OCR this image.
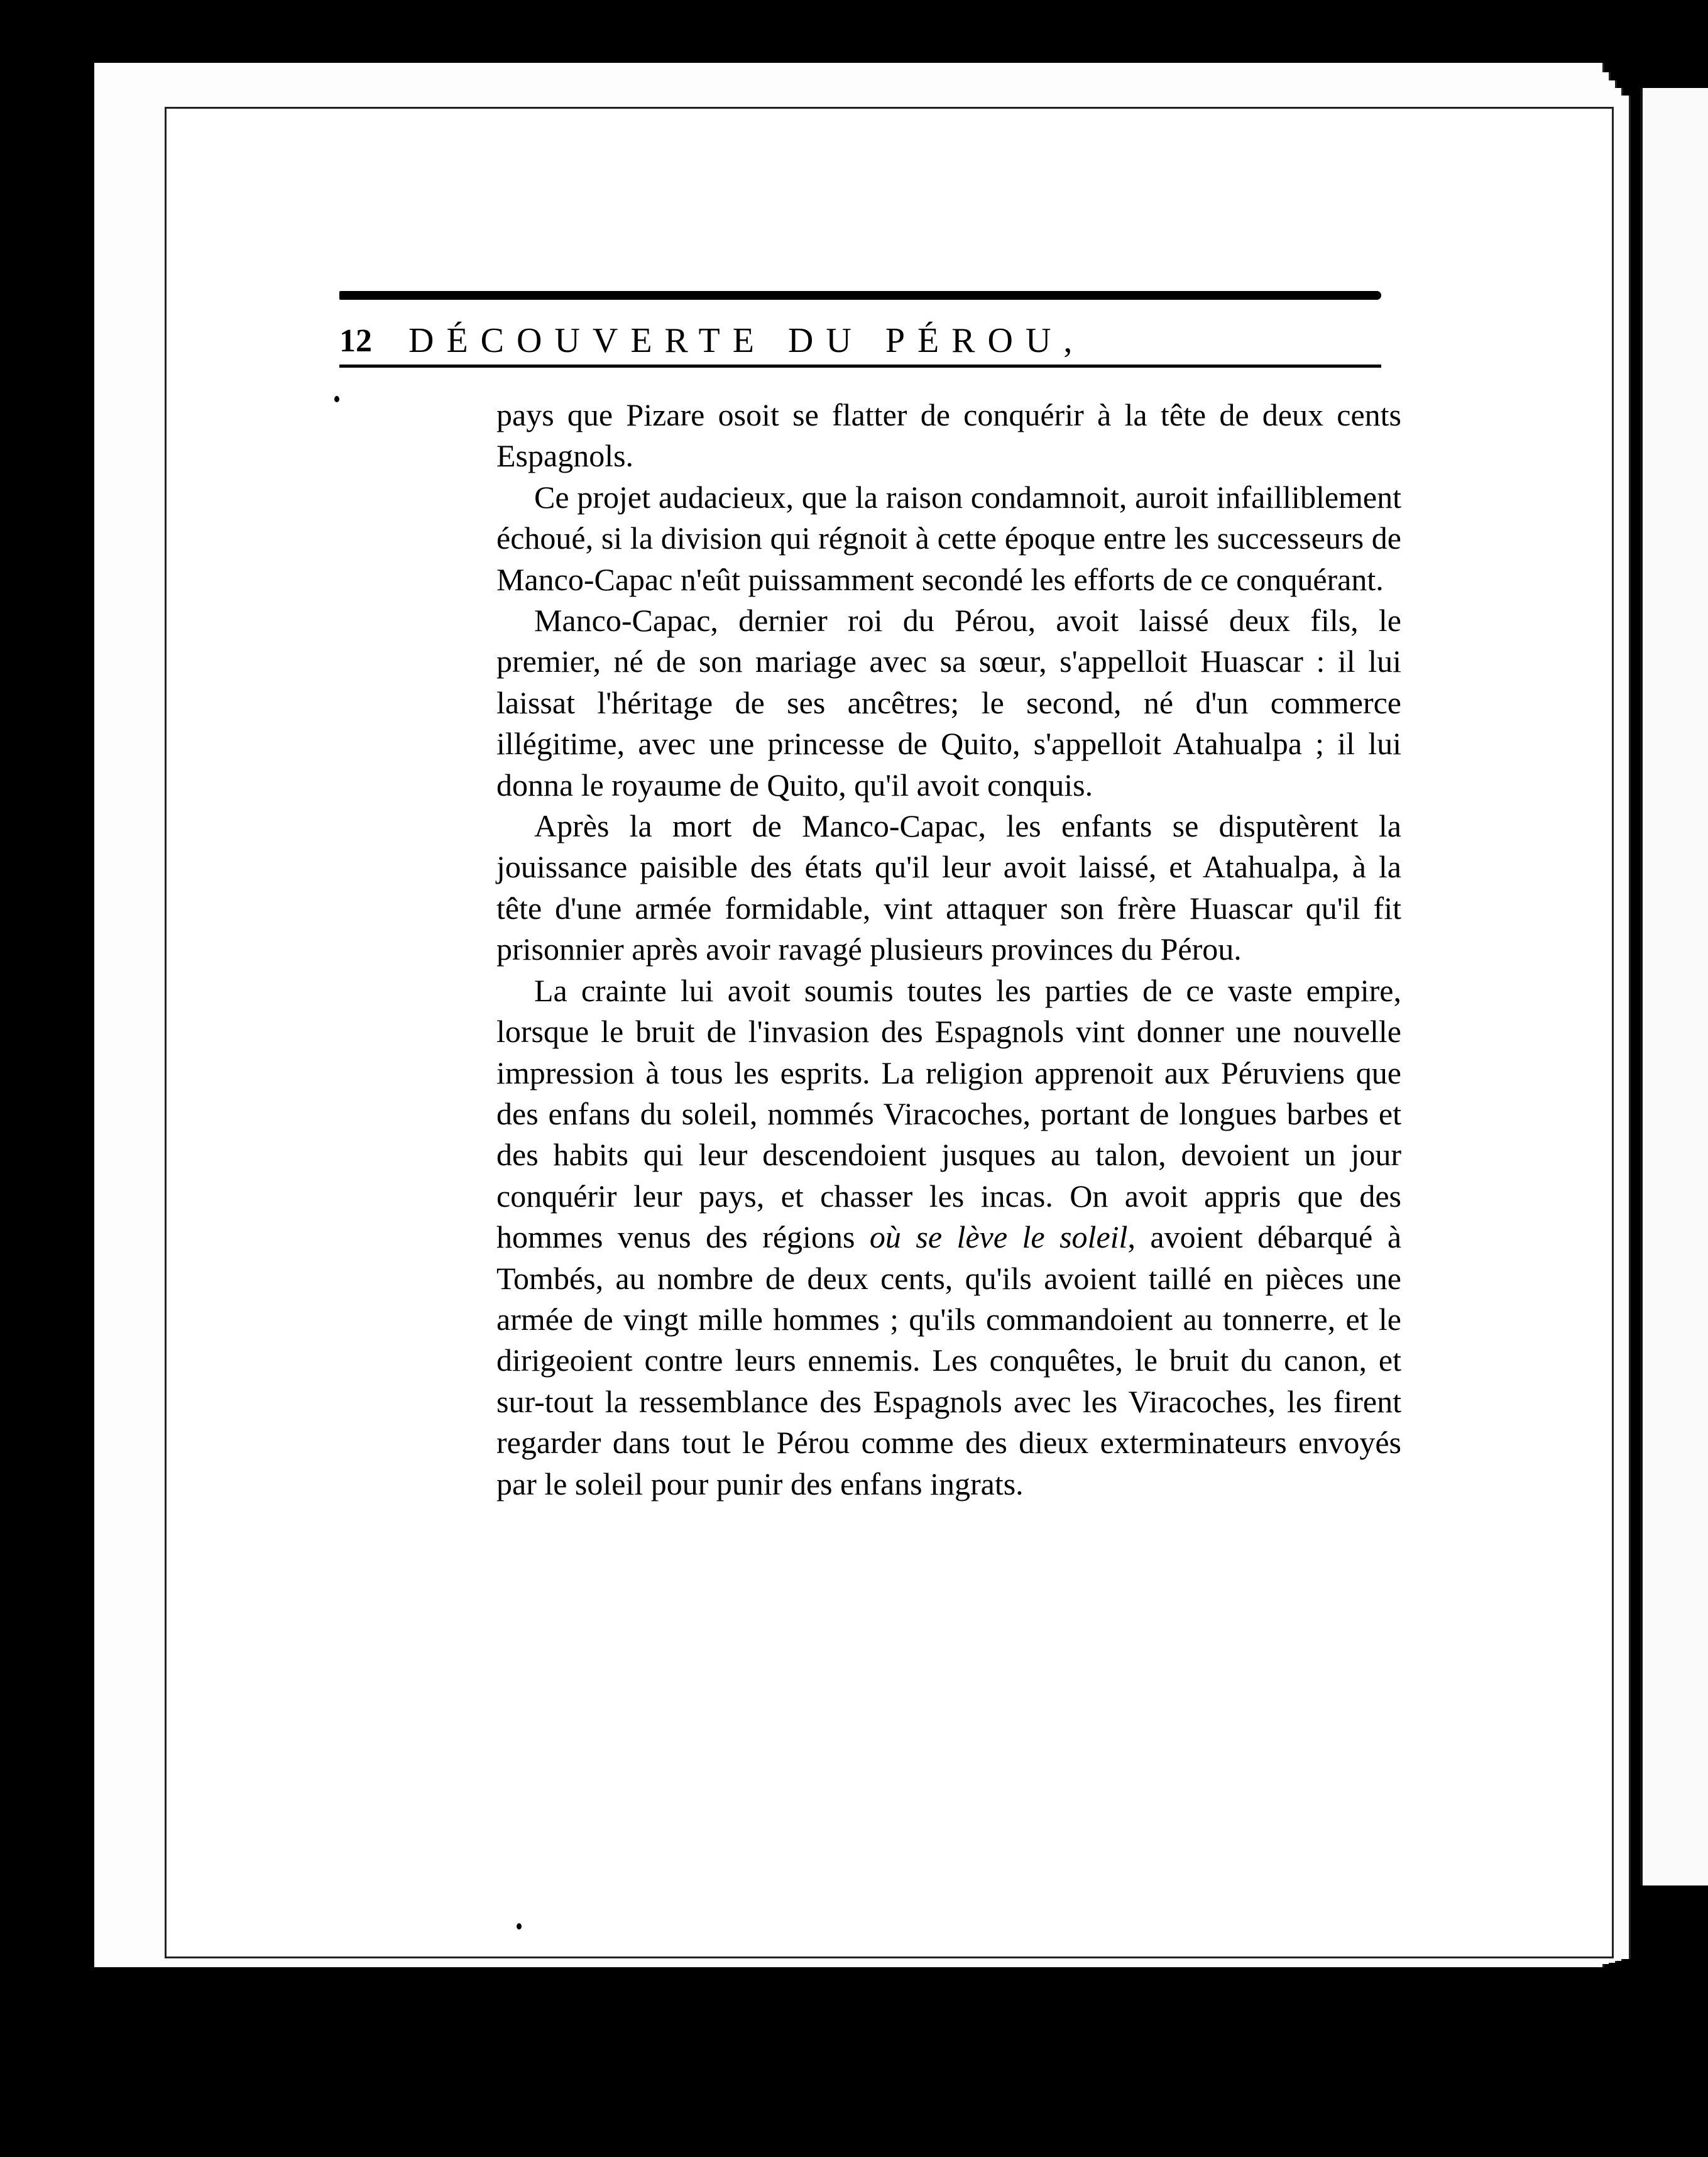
12	DÉCOUVERTE DU PÉROU,

pays que Pizare osoit se flatter de conquérir à la tête de deux cents Espagnols.

Ce projet audacieux, que la raison condamnoit, auroit infailliblement échoué, si la division qui régnoit à cette époque entre les successeurs de Manco-Capac n'eût puissamment secondé les efforts de ce conquérant.

Manco-Capac, dernier roi du Pérou, avoit laissé deux fils, le premier, né de son mariage avec sa sœur, s'appelloit Huascar : il lui laissat l'héritage de ses ancêtres; le second, né d'un commerce illégitime, avec une princesse de Quito, s'appelloit Atahualpa ; il lui donna le royaume de Quito, qu'il avoit conquis.

Après la mort de Manco-Capac, les enfants se disputèrent la jouissance paisible des états qu'il leur avoit laissé, et Atahualpa, à la tête d'une armée formidable, vint attaquer son frère Huascar qu'il fit prisonnier après avoir ravagé plusieurs provinces du Pérou.

La crainte lui avoit soumis toutes les parties de ce vaste empire, lorsque le bruit de l'invasion des Espagnols vint donner une nouvelle impression à tous les esprits. La religion apprenoit aux Péruviens que des enfans du soleil, nommés Viracoches, portant de longues barbes et des habits qui leur descendoient jusques au talon, devoient un jour conquérir leur pays, et chasser les incas. On avoit appris que des hommes venus des régions où se lève le soleil, avoient débarqué à Tombés, au nombre de deux cents, qu'ils avoient taillé en pièces une armée de vingt mille hommes ; qu'ils commandoient au tonnerre, et le dirigeoient contre leurs ennemis. Les conquêtes, le bruit du canon, et sur-tout la ressemblance des Espagnols avec les Viracoches, les firent regarder dans tout le Pérou comme des dieux exterminateurs envoyés par le soleil pour punir des enfans ingrats.
